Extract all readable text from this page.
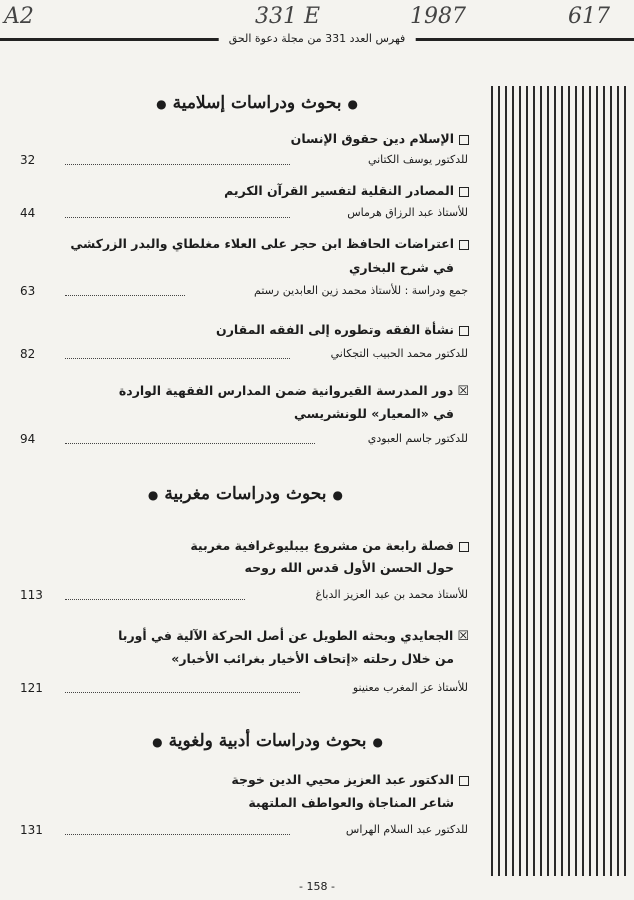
A2	331 E	1987	617
فهرس العدد 331 من مجلة دعوة الحق
●بحوث ودراسات إسلامية●
الإسلام دين حقوق الإنسان
32	للدكتور يوسف الكتاني
المصادر النقلية لتفسير القرآن الكريم
44	للأستاذ عبد الرزاق هرماس
اعتراضات الحافظ ابن حجر على العلاء مغلطاي والبدر الزركشي
في شرح البخاري
63	جمع ودراسة : للأستاذ محمد زين العابدين رستم
نشأة الفقه وتطوره إلى الفقه المقارن
82	للدكتور محمد الحبيب التجكاني
☒دور المدرسة القيروانية ضمن المدارس الفقهية الواردة
في «المعيار» للونشريسي
94	للدكتور جاسم العبودي
●بحوث ودراسات مغربية●
فصلة رابعة من مشروع بيبليوغرافية مغربية
حول الحسن الأول قدس الله روحه
113	للأستاذ محمد بن عبد العزيز الدباغ
☒الجعايدي وبحثه الطويل عن أصل الحركة الآلية في أوربا
من خلال رحلته «إتحاف الأخيار بغرائب الأخبار»
121	للأستاذ عز المغرب معنينو
●بحوث ودراسات أدبية ولغوية●
الدكتور عبد العزيز محيي الدين خوجة
شاعر المناجاة والعواطف الملتهبة
131	للدكتور عبد السلام الهراس
- 158 -
